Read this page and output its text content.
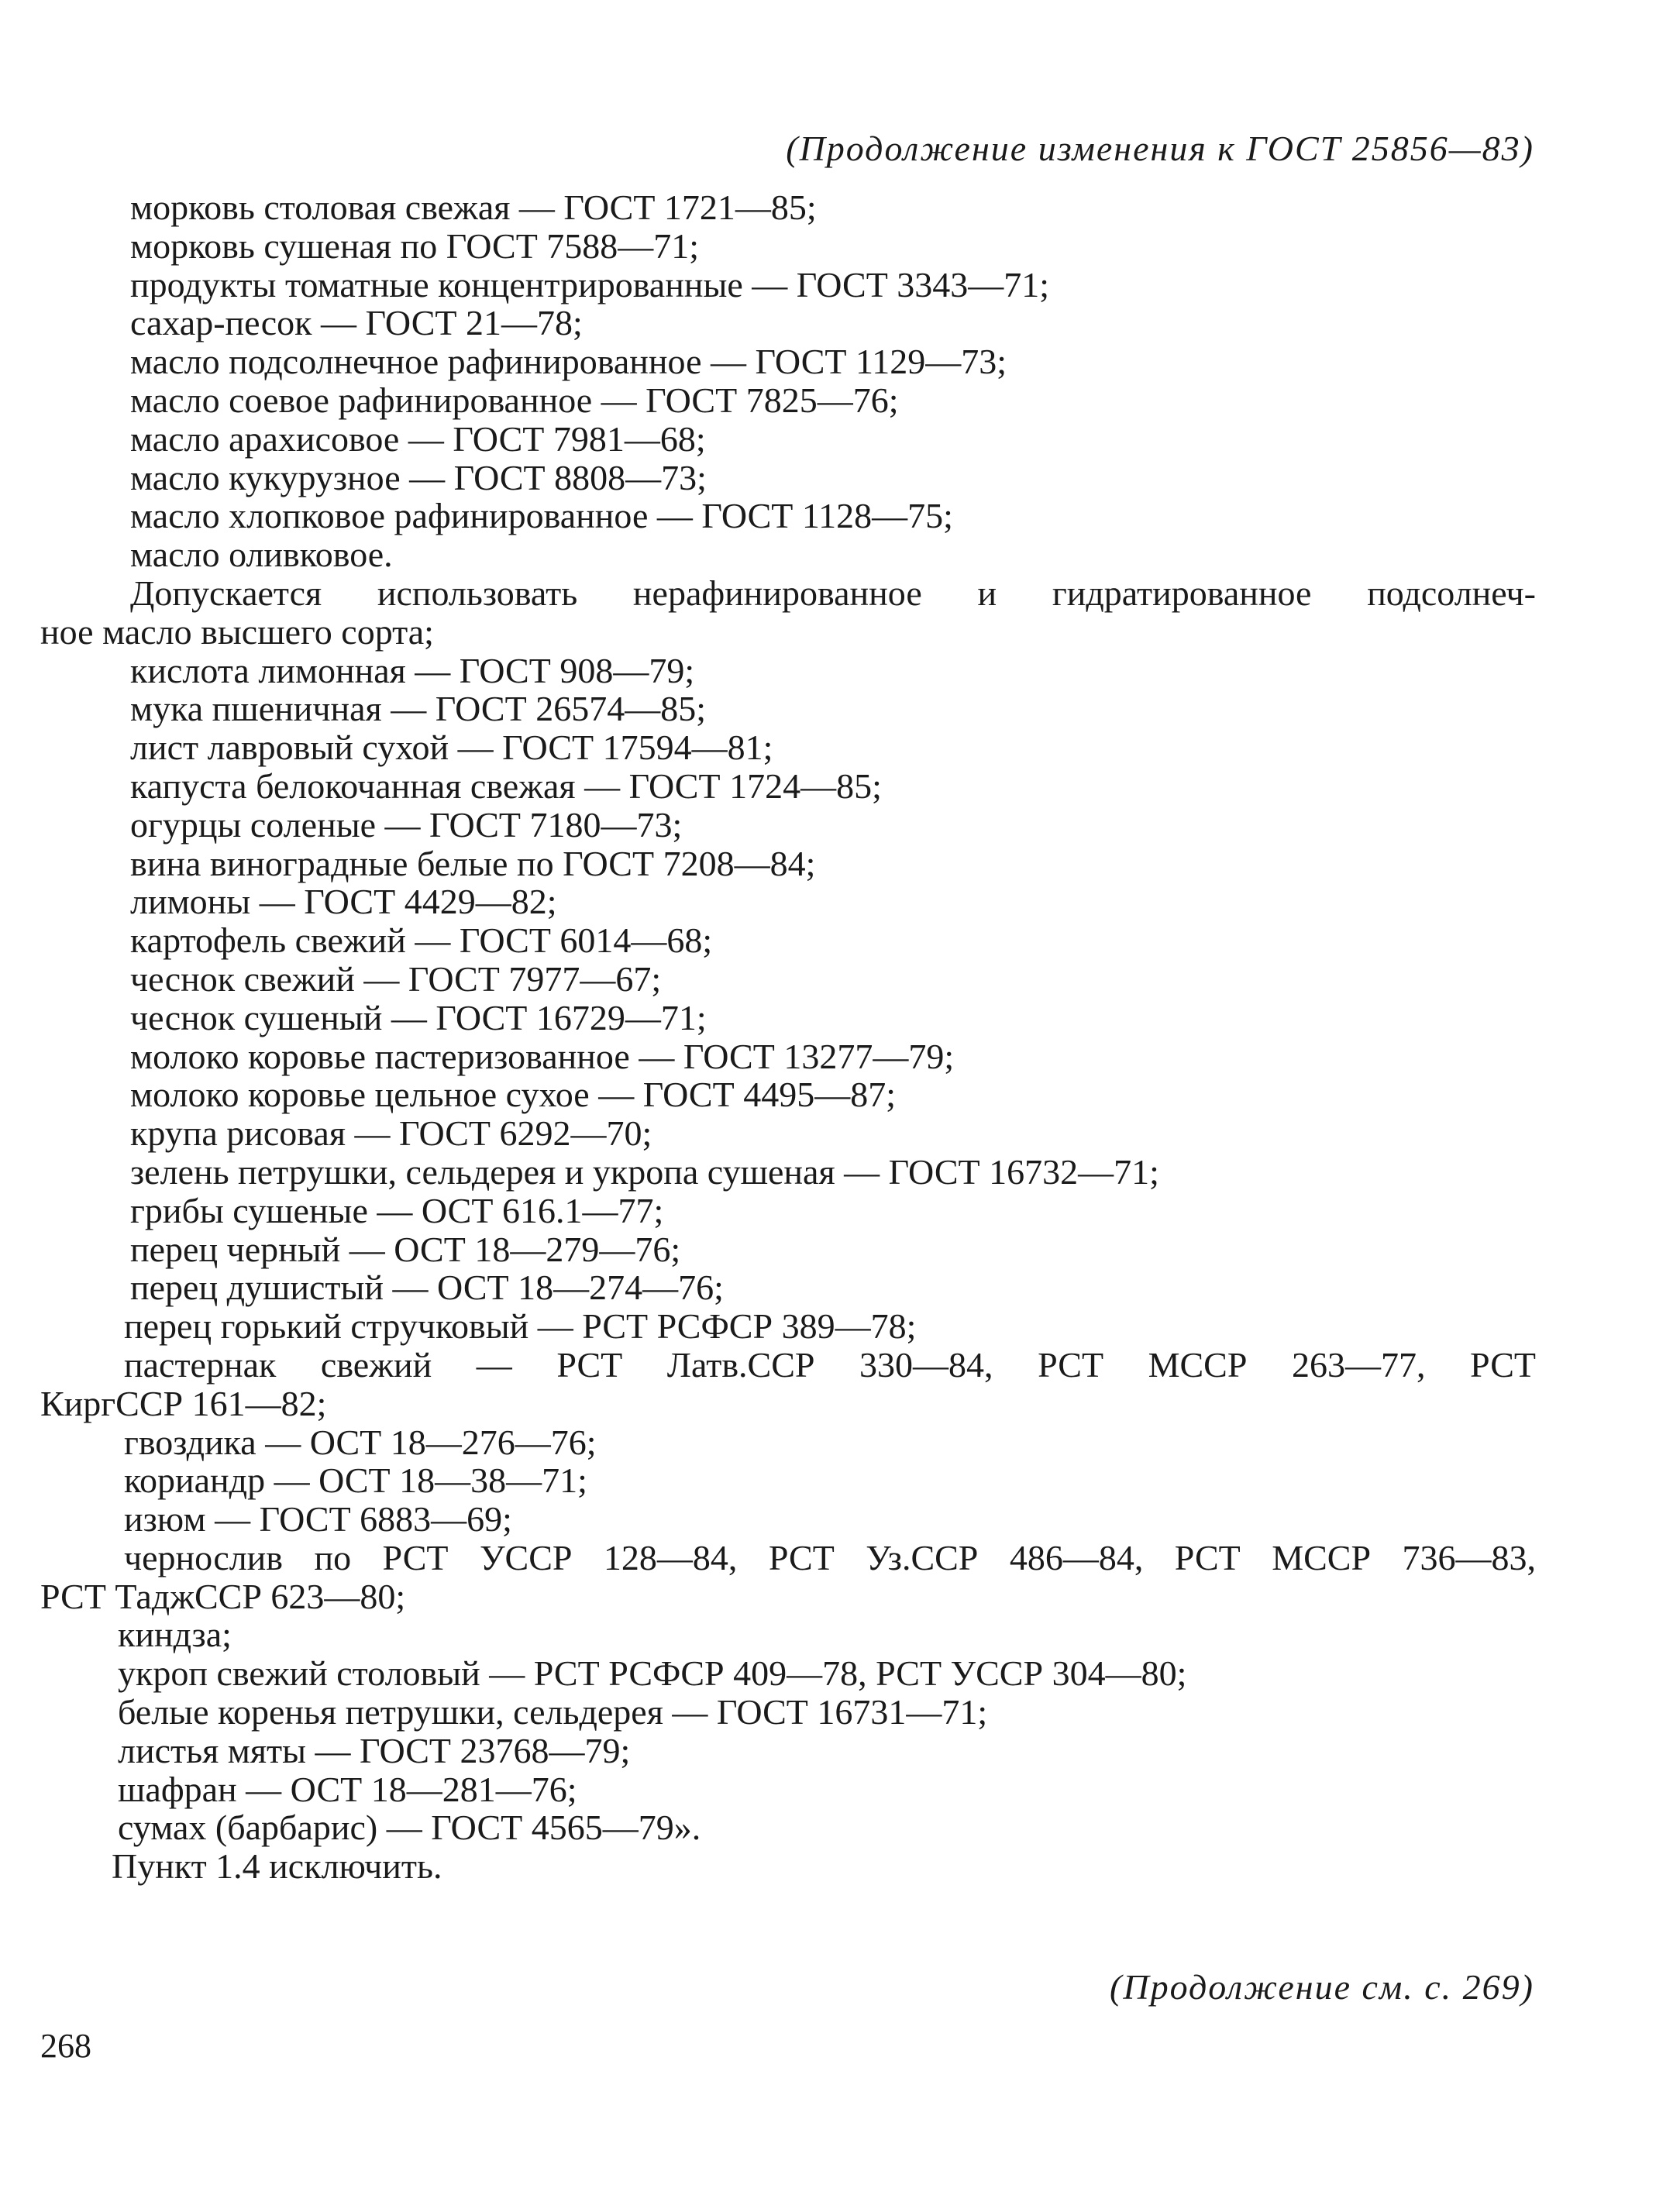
(Продолжение изменения к ГОСТ 25856—83)
морковь столовая свежая — ГОСТ 1721—85;
морковь сушеная по ГОСТ 7588—71;
продукты томатные концентрированные — ГОСТ 3343—71;
сахар-песок — ГОСТ 21—78;
масло подсолнечное рафинированное — ГОСТ 1129—73;
масло соевое рафинированное — ГОСТ 7825—76;
масло арахисовое — ГОСТ 7981—68;
масло кукурузное — ГОСТ 8808—73;
масло хлопковое рафинированное — ГОСТ 1128—75;
масло оливковое.
Допускается использовать нерафинированное и гидратированное подсолнеч-
ное масло высшего сорта;
кислота лимонная — ГОСТ 908—79;
мука пшеничная — ГОСТ 26574—85;
лист лавровый сухой — ГОСТ 17594—81;
капуста белокочанная свежая — ГОСТ 1724—85;
огурцы соленые — ГОСТ 7180—73;
вина виноградные белые по ГОСТ 7208—84;
лимоны — ГОСТ 4429—82;
картофель свежий — ГОСТ 6014—68;
чеснок свежий — ГОСТ 7977—67;
чеснок сушеный — ГОСТ 16729—71;
молоко коровье пастеризованное — ГОСТ 13277—79;
молоко коровье цельное сухое — ГОСТ 4495—87;
крупа рисовая — ГОСТ 6292—70;
зелень петрушки, сельдерея и укропа сушеная — ГОСТ 16732—71;
грибы сушеные — ОСТ 616.1—77;
перец черный — ОСТ 18—279—76;
перец душистый — ОСТ 18—274—76;
перец горький стручковый — РСТ РСФСР 389—78;
пастернак свежий — РСТ Латв.ССР 330—84, РСТ МССР 263—77, РСТ
КиргССР 161—82;
гвоздика — ОСТ 18—276—76;
кориандр — ОСТ 18—38—71;
изюм — ГОСТ 6883—69;
чернослив по РСТ УССР 128—84, РСТ Уз.ССР 486—84, РСТ МССР 736—83,
РСТ ТаджССР 623—80;
киндза;
укроп свежий столовый — РСТ РСФСР 409—78, РСТ УССР 304—80;
белые коренья петрушки, сельдерея — ГОСТ 16731—71;
листья мяты — ГОСТ 23768—79;
шафран — ОСТ 18—281—76;
сумах (барбарис) — ГОСТ 4565—79».
Пункт 1.4 исключить.
(Продолжение см. с. 269)
268
